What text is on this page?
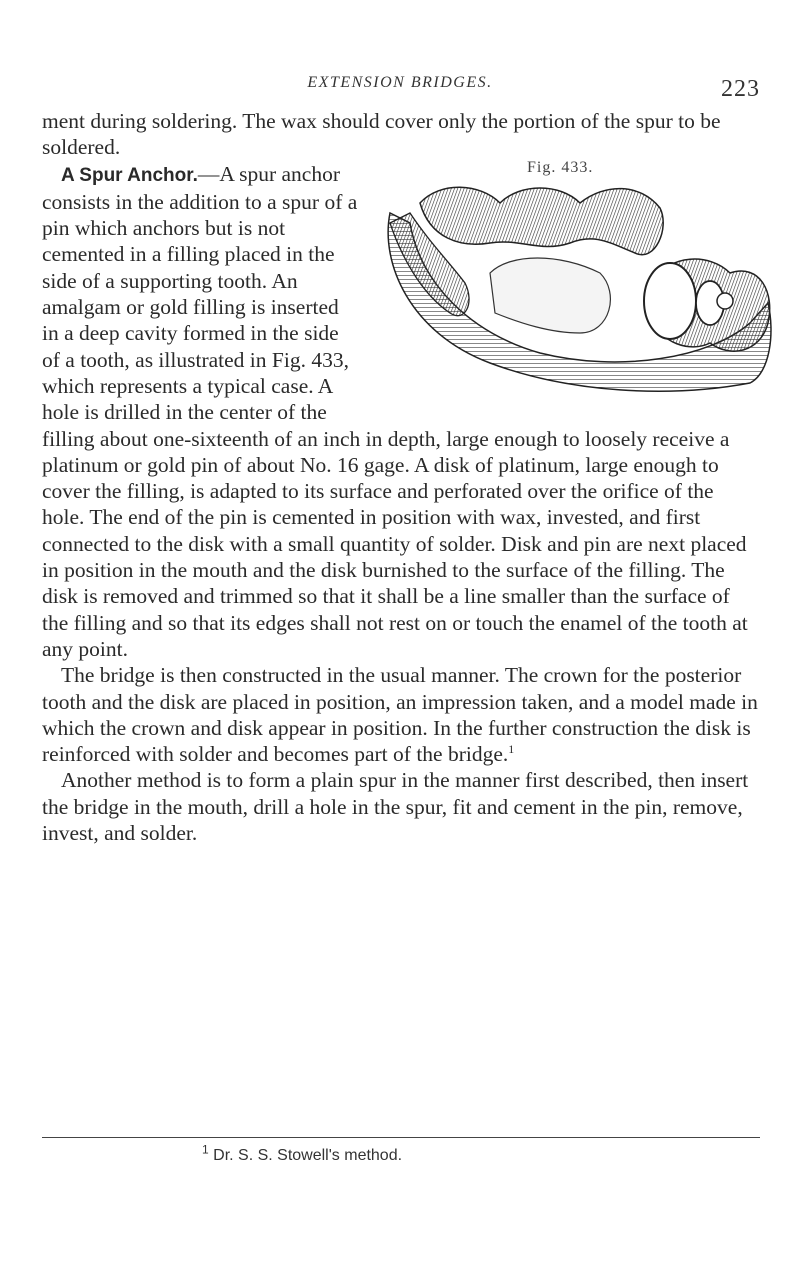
EXTENSION BRIDGES.	223

ment during soldering. The wax should cover only the portion of the spur to be soldered.

Fig. 433.
A Spur Anchor.—A spur anchor consists in the addition to a spur of a pin which anchors but is not cemented in a filling placed in the side of a supporting tooth. An amalgam or gold filling is inserted in a deep cavity formed in the side of a tooth, as illustrated in Fig. 433, which represents a typical case. A hole is drilled in the center of the filling about one-sixteenth of an inch in depth, large enough to loosely receive a platinum or gold pin of about No. 16 gage. A disk of platinum, large enough to cover the filling, is adapted to its surface and perforated over the orifice of the hole. The end of the pin is cemented in position with wax, invested, and first connected to the disk with a small quantity of solder. Disk and pin are next placed in position in the mouth and the disk burnished to the surface of the filling. The disk is removed and trimmed so that it shall be a line smaller than the surface of the filling and so that its edges shall not rest on or touch the enamel of the tooth at any point.

The bridge is then constructed in the usual manner. The crown for the posterior tooth and the disk are placed in position, an impression taken, and a model made in which the crown and disk appear in position. In the further construction the disk is reinforced with solder and becomes part of the bridge.$^1$

Another method is to form a plain spur in the manner first described, then insert the bridge in the mouth, drill a hole in the spur, fit and cement in the pin, remove, invest, and solder.

$^1$ Dr. S. S. Stowell's method.
